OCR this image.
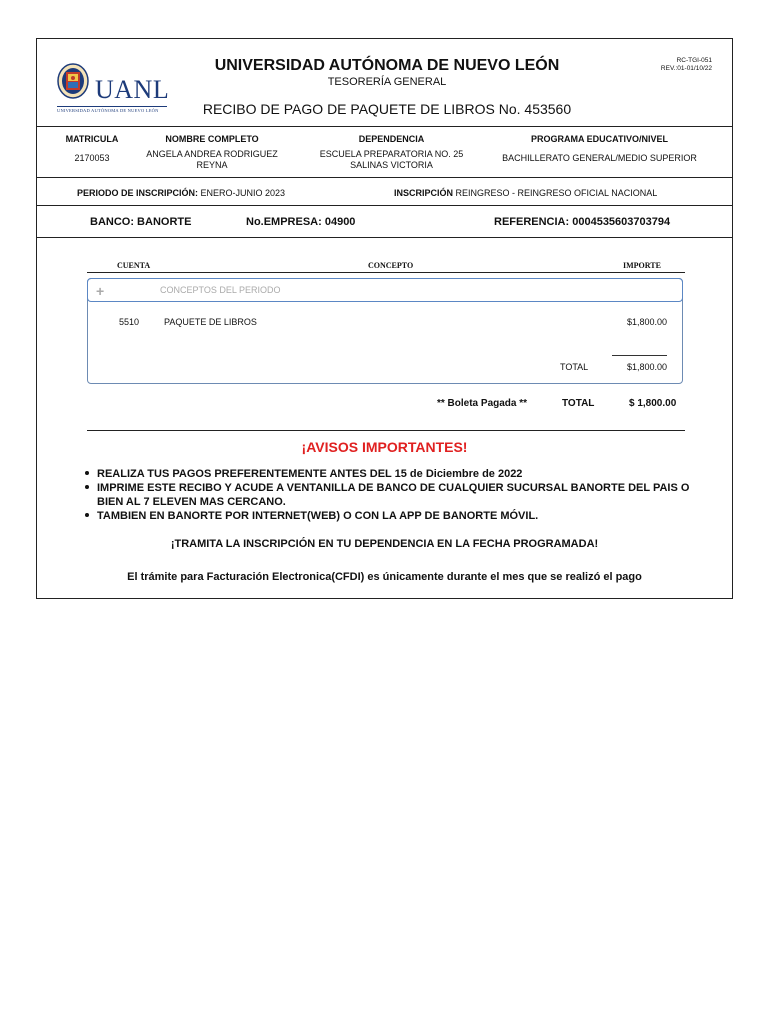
UANL
UNIVERSIDAD AUTÓNOMA DE NUEVO LEÓN
UNIVERSIDAD AUTÓNOMA DE NUEVO LEÓN
TESORERÍA GENERAL
RECIBO DE PAGO DE PAQUETE DE LIBROS No. 453560
RC-TGI-051
REV.:01-01/10/22
MATRICULA
2170053
NOMBRE COMPLETO
ANGELA ANDREA RODRIGUEZ REYNA
DEPENDENCIA
ESCUELA PREPARATORIA NO. 25 SALINAS VICTORIA
PROGRAMA EDUCATIVO/NIVEL
BACHILLERATO GENERAL/MEDIO SUPERIOR
PERIODO DE INSCRIPCIÓN: ENERO-JUNIO 2023	INSCRIPCIÓN REINGRESO - REINGRESO OFICIAL NACIONAL
BANCO: BANORTE	No.EMPRESA: 04900	REFERENCIA: 0004535603703794
CUENTA	CONCEPTO	IMPORTE
+	CONCEPTOS DEL PERIODO
5510	PAQUETE DE LIBROS	$1,800.00
TOTAL	$1,800.00
** Boleta Pagada **	TOTAL	$ 1,800.00
¡AVISOS IMPORTANTES!
REALIZA TUS PAGOS PREFERENTEMENTE ANTES DEL 15 de Diciembre de 2022
IMPRIME ESTE RECIBO Y ACUDE A VENTANILLA DE BANCO DE CUALQUIER SUCURSAL BANORTE DEL PAIS O BIEN AL 7 ELEVEN MAS CERCANO.
TAMBIEN EN BANORTE POR INTERNET(WEB) O CON LA APP DE BANORTE MÓVIL.
¡TRAMITA LA INSCRIPCIÓN EN TU DEPENDENCIA EN LA FECHA PROGRAMADA!
El trámite para Facturación Electronica(CFDI) es únicamente durante el mes que se realizó el pago
